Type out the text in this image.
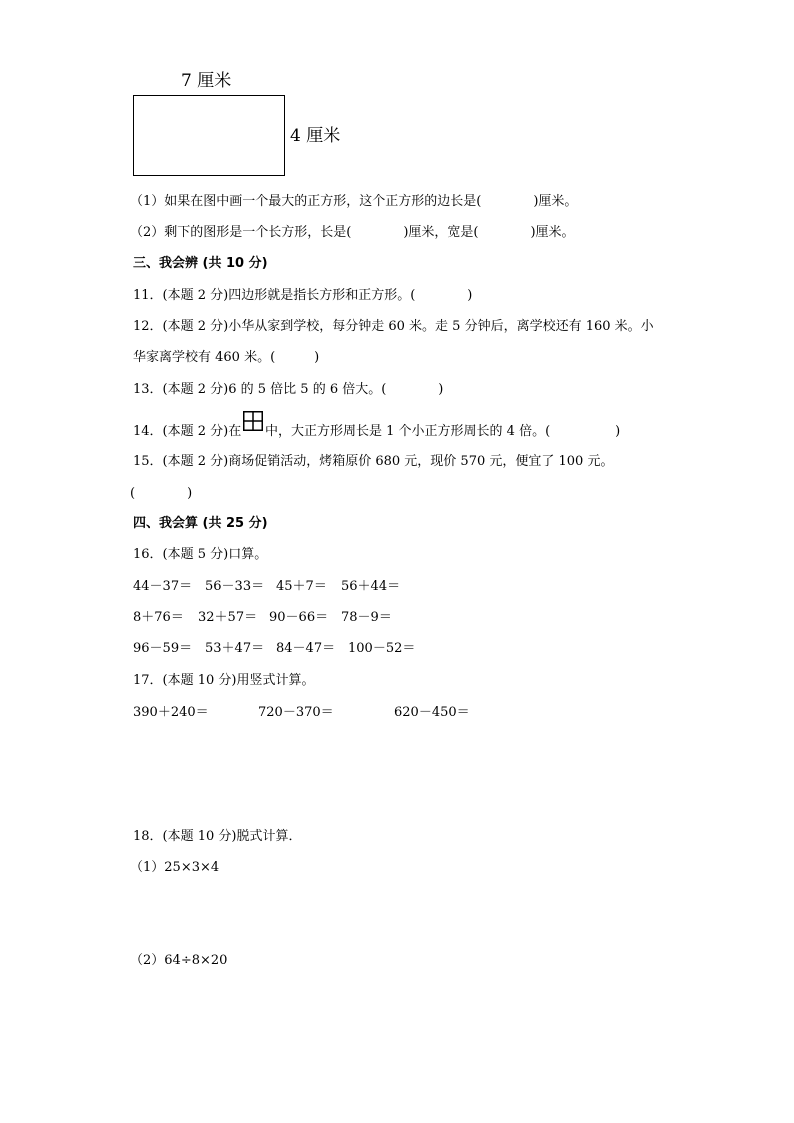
7 厘米
4 厘米
（1）如果在图中画一个最大的正方形，这个正方形的边长是(　　　　)厘米。
（2）剩下的图形是一个长方形，长是(　　　　)厘米，宽是(　　　　)厘米。
三、我会辨 (共 10 分)
11．(本题 2 分)四边形就是指长方形和正方形。(　　　　)
12．(本题 2 分)小华从家到学校，每分钟走 60 米。走 5 分钟后，离学校还有 160 米。小
华家离学校有 460 米。(　　　)
13．(本题 2 分)6 的 5 倍比 5 的 6 倍大。(　　　　)
14．(本题 2 分)在 中，大正方形周长是 1 个小正方形周长的 4 倍。(　　　　　)
15．(本题 2 分)商场促销活动，烤箱原价 680 元，现价 570 元，便宜了 100 元。
(　　　　)
四、我会算 (共 25 分)
16．(本题 5 分)口算。
44－37＝ 56－33＝ 45＋7＝ 56＋44＝
8＋76＝ 32＋57＝ 90－66＝ 78－9＝
96－59＝ 53＋47＝ 84－47＝ 100－52＝
17．(本题 10 分)用竖式计算。
390＋240＝	720－370＝	620－450＝
18．(本题 10 分)脱式计算．
（1）25×3×4
（2）64÷8×20
